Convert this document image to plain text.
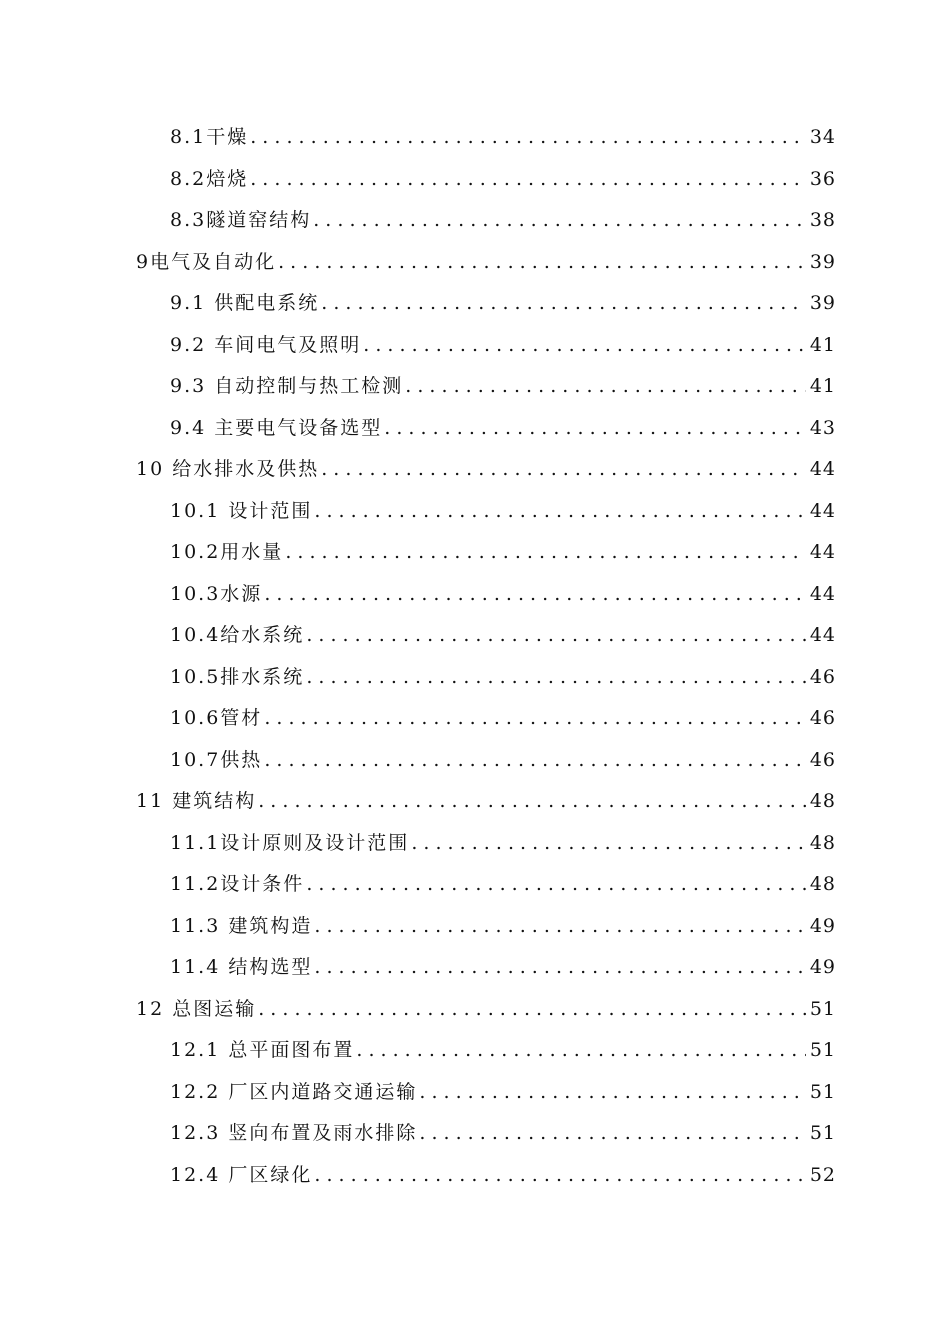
8.1干燥 . . .	34
8.2焙烧 . . .	36
8.3隧道窑结构 . . .	38
9电气及自动化 . . .	39
9.1 供配电系统 . . .	39
9.2 车间电气及照明 . . .	41
9.3 自动控制与热工检测 . . .	41
9.4 主要电气设备选型 . . .	43
10 给水排水及供热 . . .	44
10.1 设计范围 . . .	44
10.2用水量 . . .	44
10.3水源 . . .	44
10.4给水系统 . . .	44
10.5排水系统 . . .	46
10.6管材 . . .	46
10.7供热 . . .	46
11 建筑结构 . . .	48
11.1设计原则及设计范围 . . .	48
11.2设计条件 . . .	48
11.3 建筑构造 . . .	49
11.4 结构选型 . . .	49
12 总图运输 . . .	51
12.1 总平面图布置 . . .	51
12.2 厂区内道路交通运输 . . .	51
12.3 竖向布置及雨水排除 . . .	51
12.4 厂区绿化 . . .	52
